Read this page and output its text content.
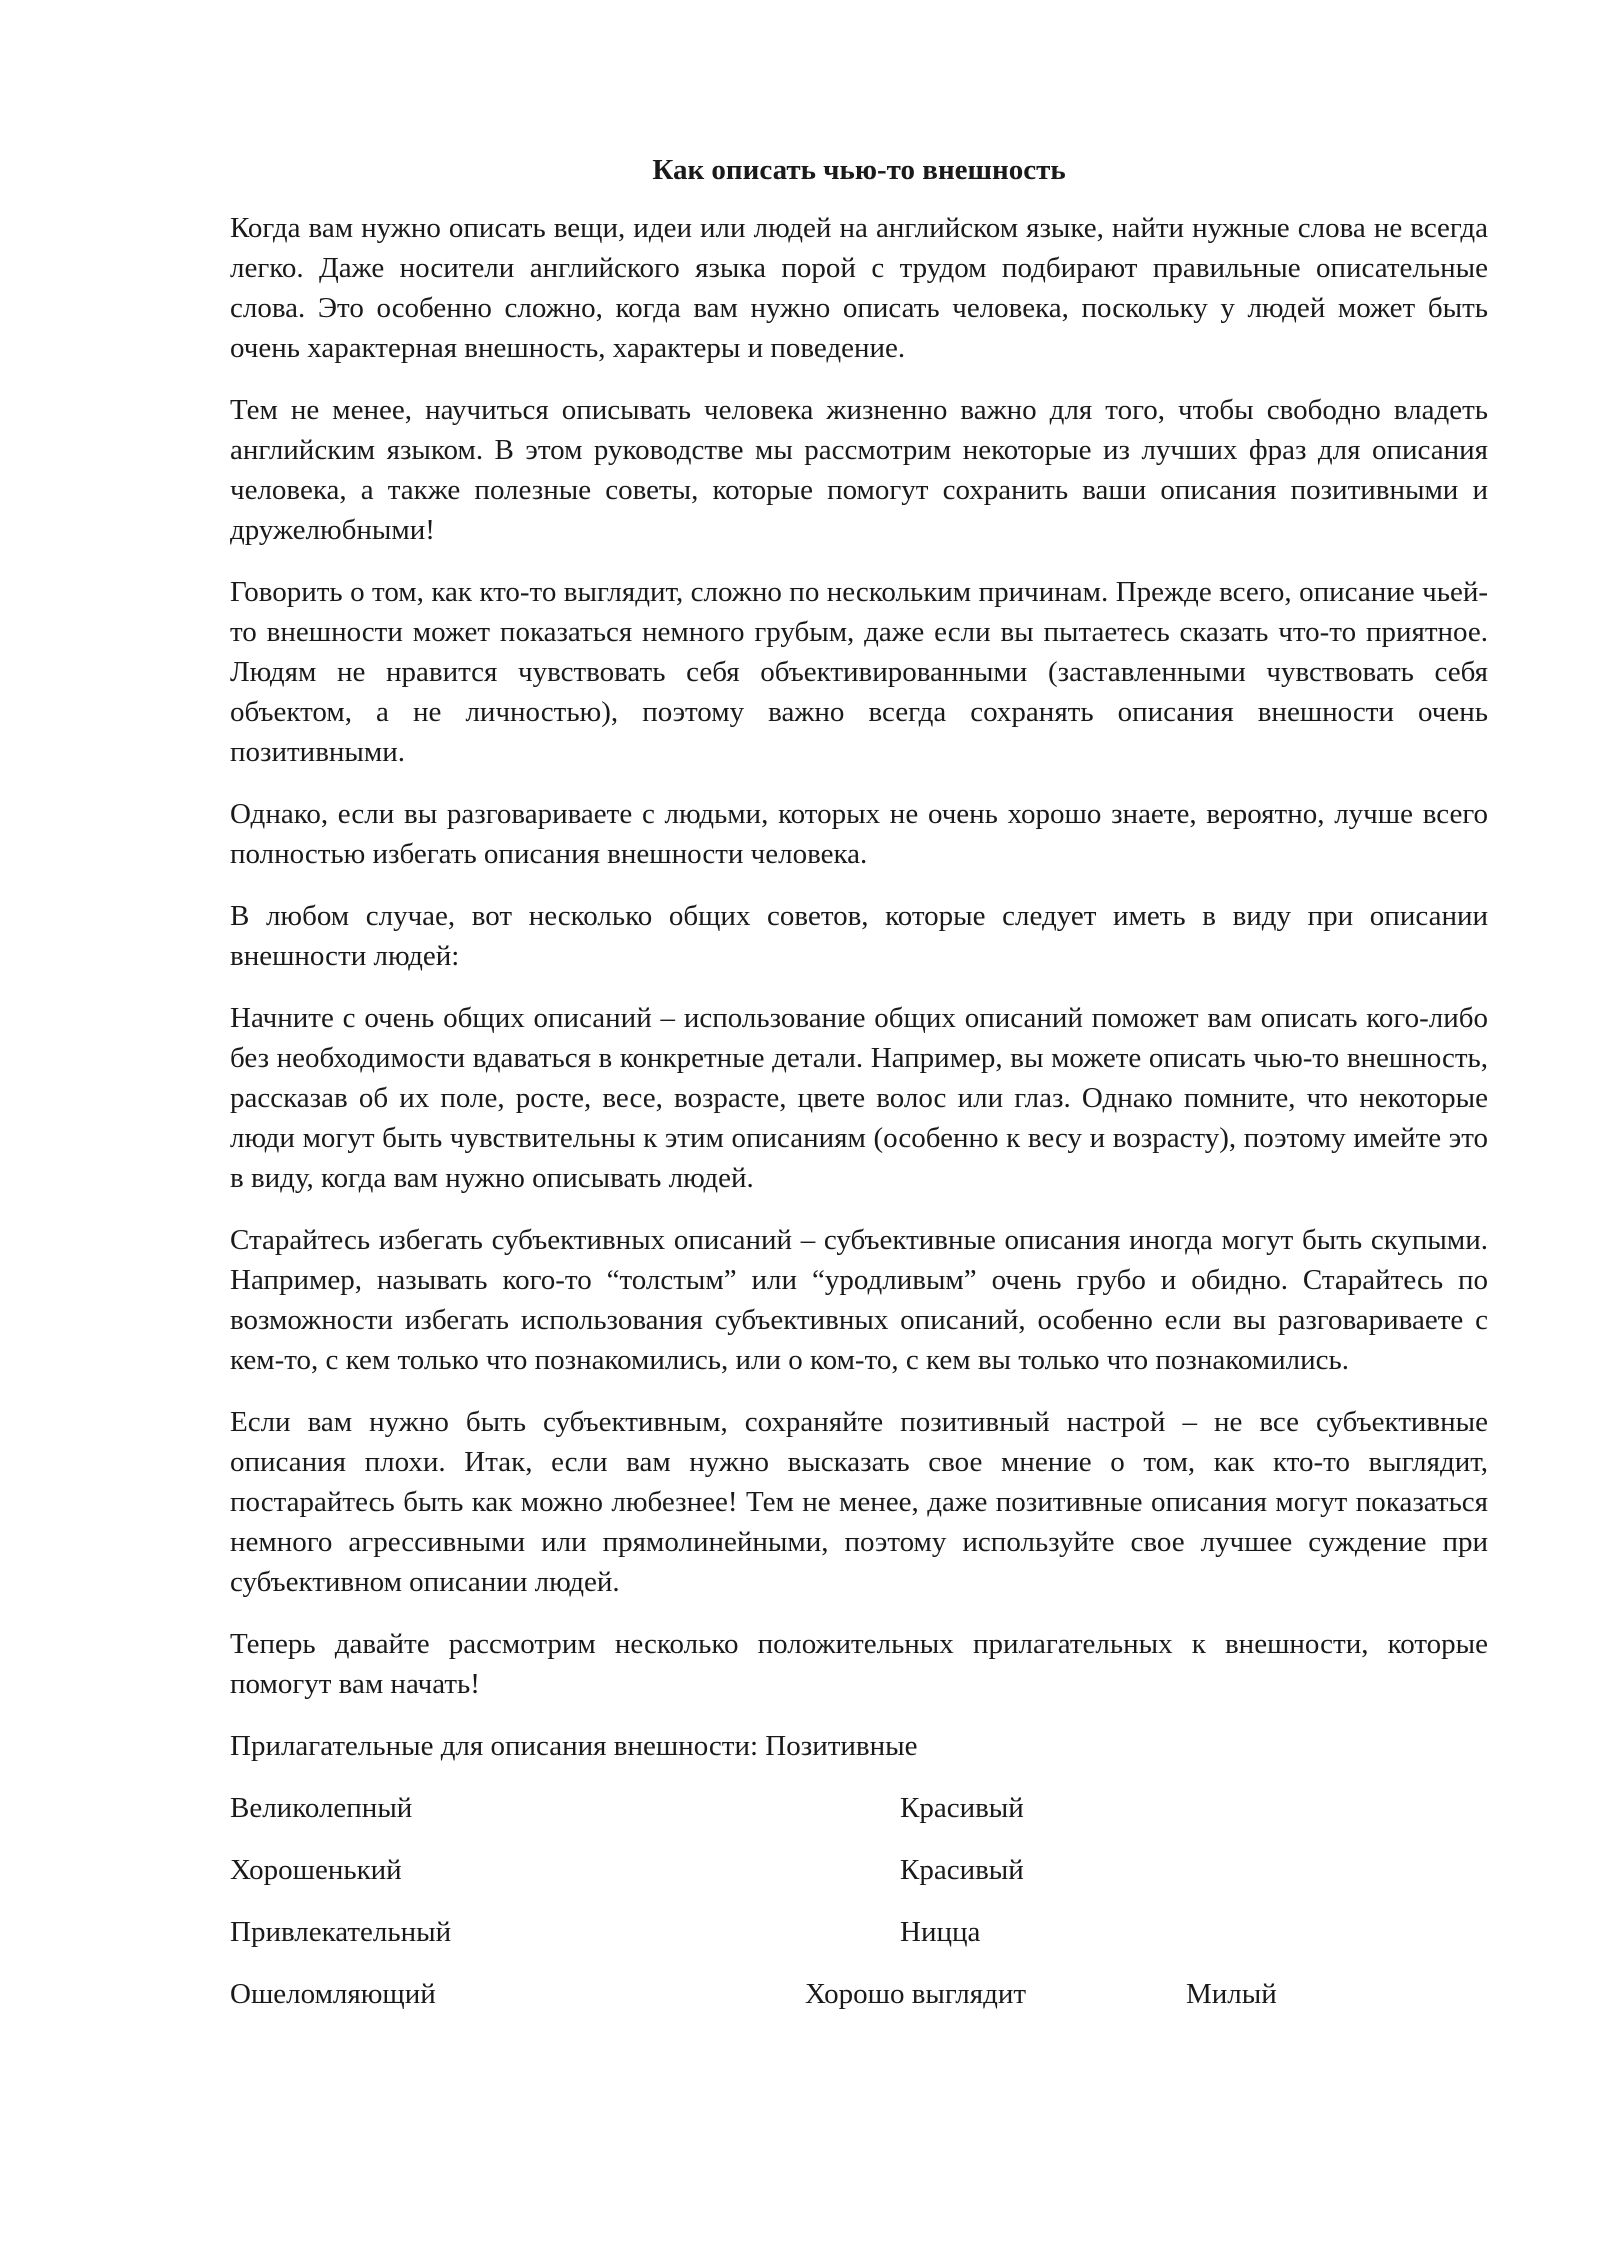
Как описать чью-то внешность

Когда вам нужно описать вещи, идеи или людей на английском языке, найти нужные слова не всегда легко. Даже носители английского языка порой с трудом подбирают правильные описательные слова. Это особенно сложно, когда вам нужно описать человека, поскольку у людей может быть очень характерная внешность, характеры и поведение.

Тем не менее, научиться описывать человека жизненно важно для того, чтобы свободно владеть английским языком. В этом руководстве мы рассмотрим некоторые из лучших фраз для описания человека, а также полезные советы, которые помогут сохранить ваши описания позитивными и дружелюбными!

Говорить о том, как кто-то выглядит, сложно по нескольким причинам. Прежде всего, описание чьей-то внешности может показаться немного грубым, даже если вы пытаетесь сказать что-то приятное. Людям не нравится чувствовать себя объективированными (заставленными чувствовать себя объектом, а не личностью), поэтому важно всегда сохранять описания внешности очень позитивными.

Однако, если вы разговариваете с людьми, которых не очень хорошо знаете, вероятно, лучше всего полностью избегать описания внешности человека.

В любом случае, вот несколько общих советов, которые следует иметь в виду при описании внешности людей:

Начните с очень общих описаний – использование общих описаний поможет вам описать кого-либо без необходимости вдаваться в конкретные детали. Например, вы можете описать чью-то внешность, рассказав об их поле, росте, весе, возрасте, цвете волос или глаз. Однако помните, что некоторые люди могут быть чувствительны к этим описаниям (особенно к весу и возрасту), поэтому имейте это в виду, когда вам нужно описывать людей.

Старайтесь избегать субъективных описаний – субъективные описания иногда могут быть скупыми. Например, называть кого-то “толстым” или “уродливым” очень грубо и обидно. Старайтесь по возможности избегать использования субъективных описаний, особенно если вы разговариваете с кем-то, с кем только что познакомились, или о ком-то, с кем вы только что познакомились.

Если вам нужно быть субъективным, сохраняйте позитивный настрой – не все субъективные описания плохи. Итак, если вам нужно высказать свое мнение о том, как кто-то выглядит, постарайтесь быть как можно любезнее! Тем не менее, даже позитивные описания могут показаться немного агрессивными или прямолинейными, поэтому используйте свое лучшее суждение при субъективном описании людей.

Теперь давайте рассмотрим несколько положительных прилагательных к внешности, которые помогут вам начать!

Прилагательные для описания внешности: Позитивные
Великолепный	Красивый
Хорошенький	Красивый
Привлекательный	Ницца
Ошеломляющий	Хорошо выглядит	Милый
